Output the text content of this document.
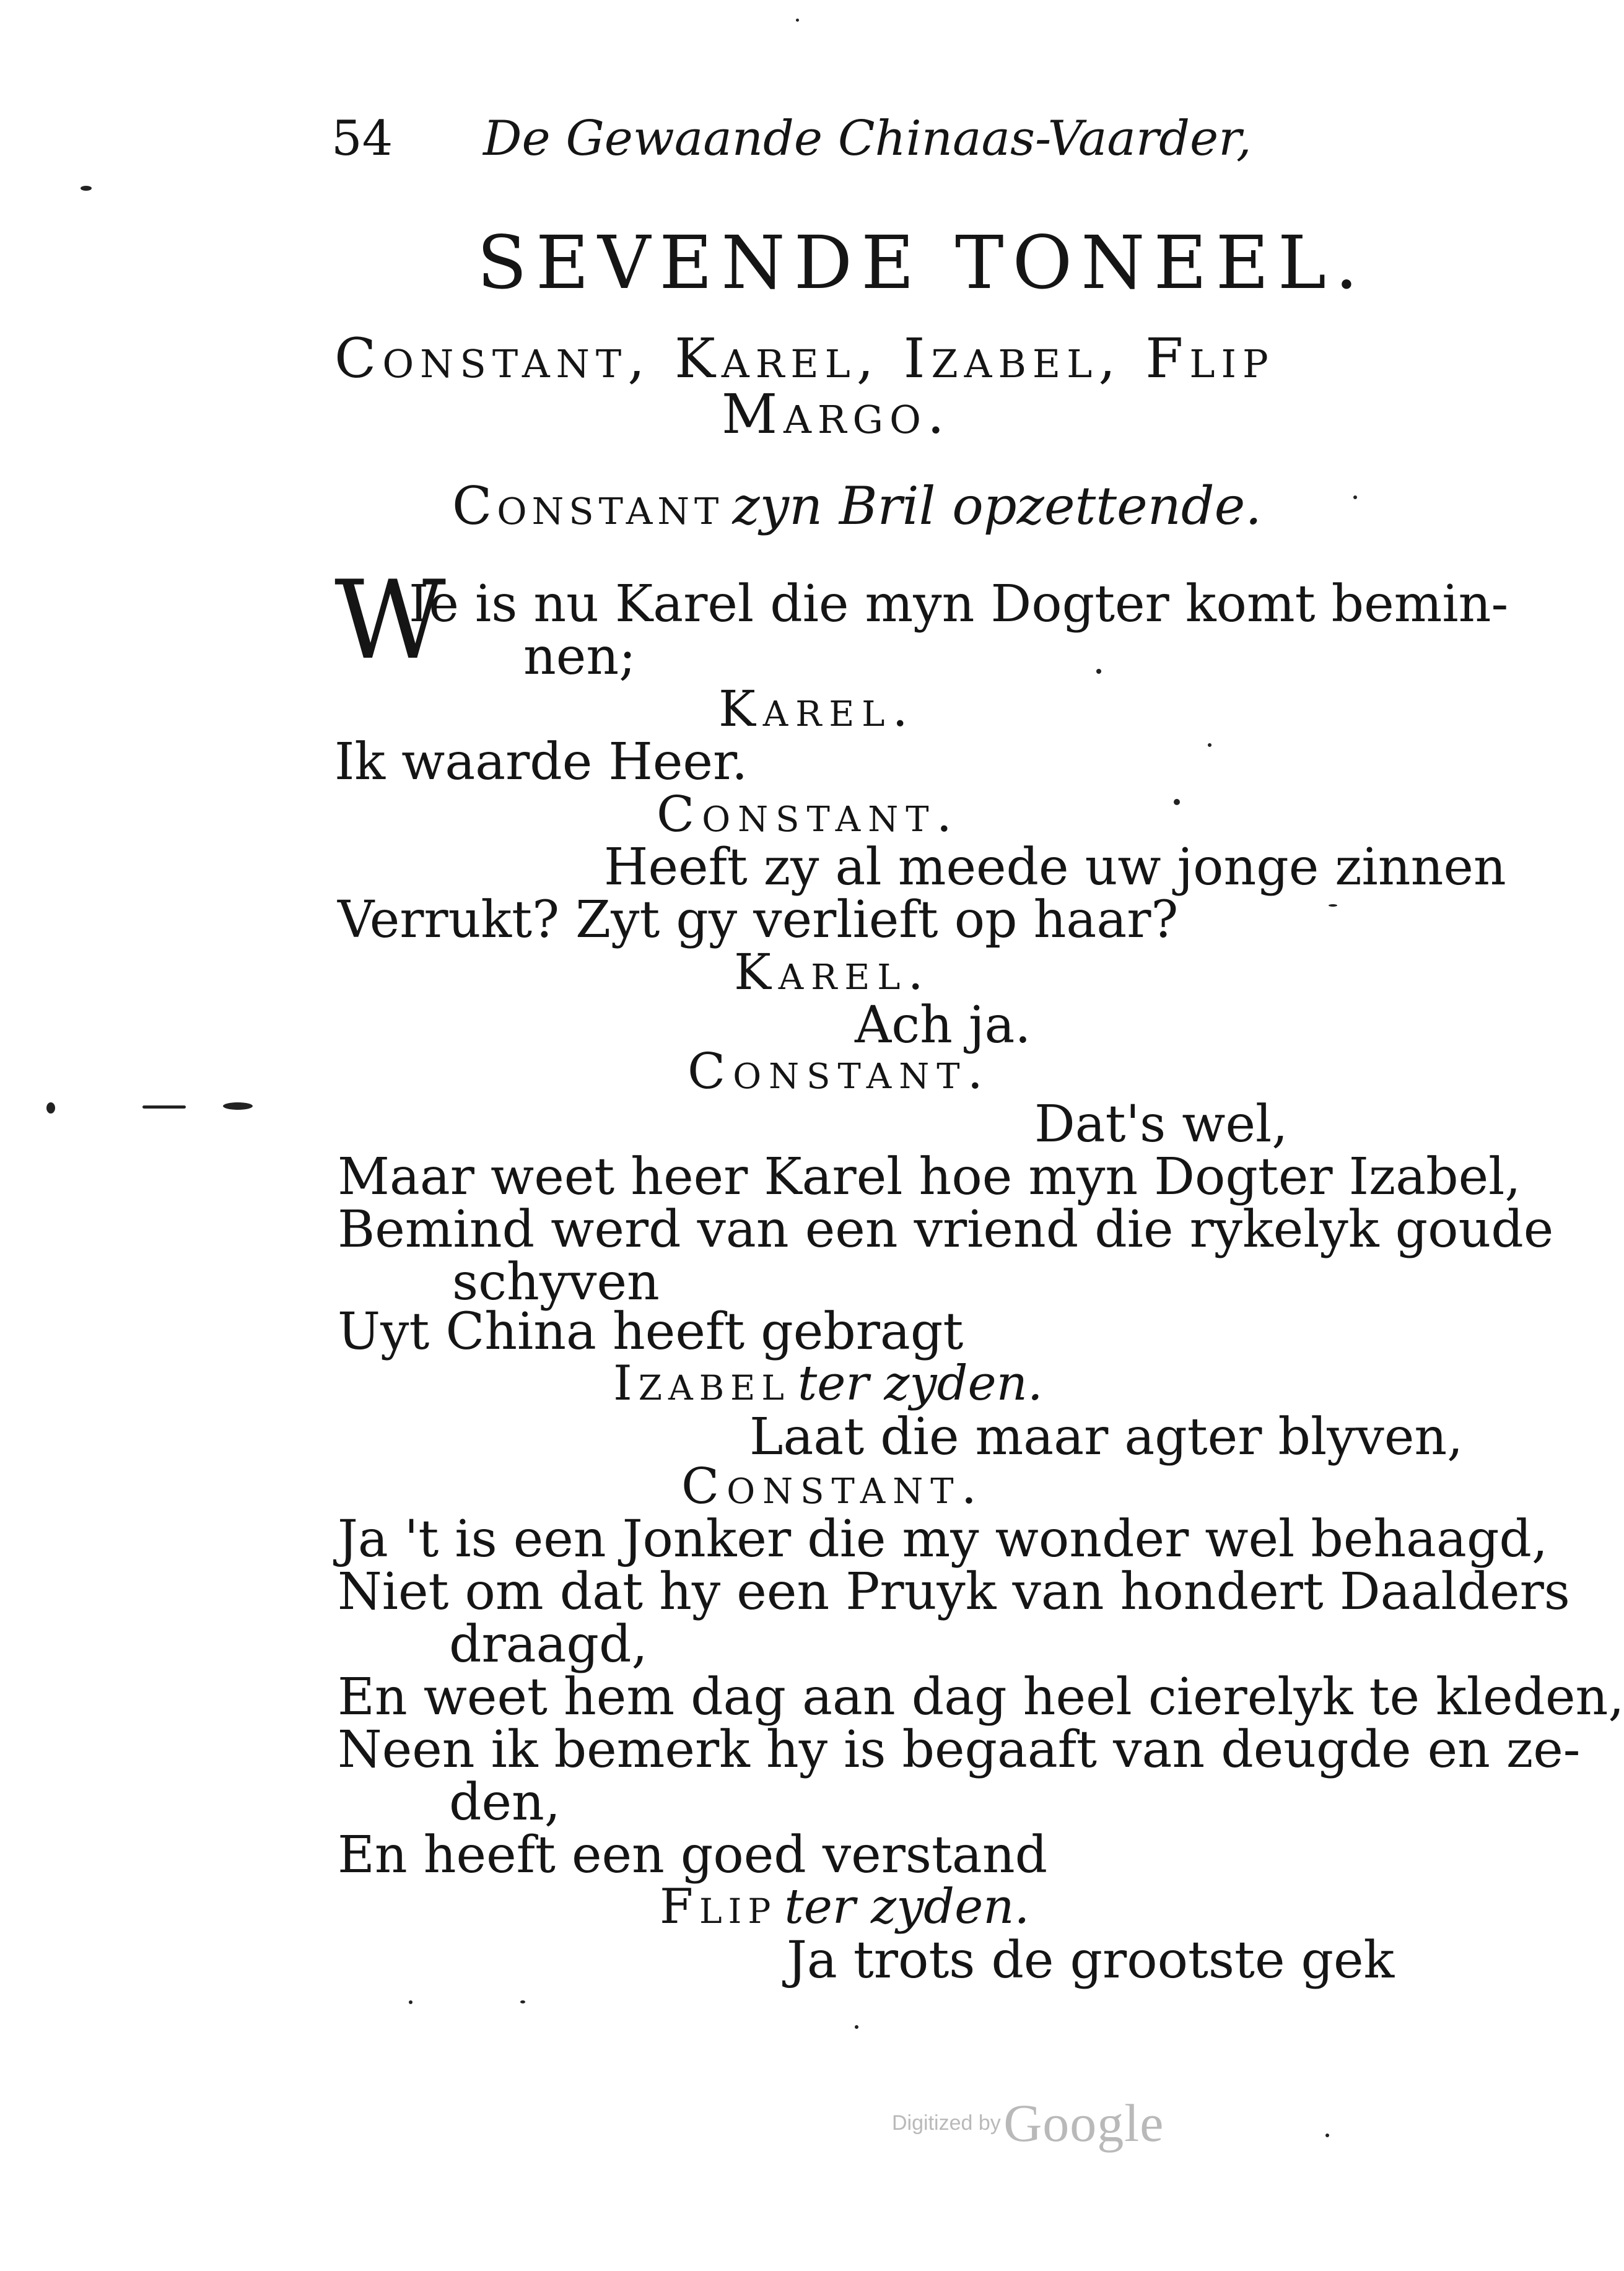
54 De Gewaande Chinaas-Vaarder,
SEVENDE TONEEL.
Constant, Karel, Izabel, Flip
Margo.
Constant zyn Bril opzettende.
W
Ie is nu Karel die myn Dogter komt bemin-
nen;
Karel.
Ik waarde Heer.
Constant.
Heeft zy al meede uw jonge zinnen
Verrukt? Zyt gy verlieft op haar?
Karel.
Ach ja.
Constant.
Dat's wel,
Maar weet heer Karel hoe myn Dogter Izabel,
Bemind werd van een vriend die rykelyk goude
schyven
Uyt China heeft gebragt
Izabel ter zyden.
Laat die maar agter blyven,
Constant.
Ja 't is een Jonker die my wonder wel behaagd,
Niet om dat hy een Pruyk van hondert Daalders
draagd,
En weet hem dag aan dag heel cierelyk te kleden,
Neen ik bemerk hy is begaaft van deugde en ze-
den,
En heeft een goed verstand
Flip ter zyden.
Ja trots de grootste gek
Digitized by Google
